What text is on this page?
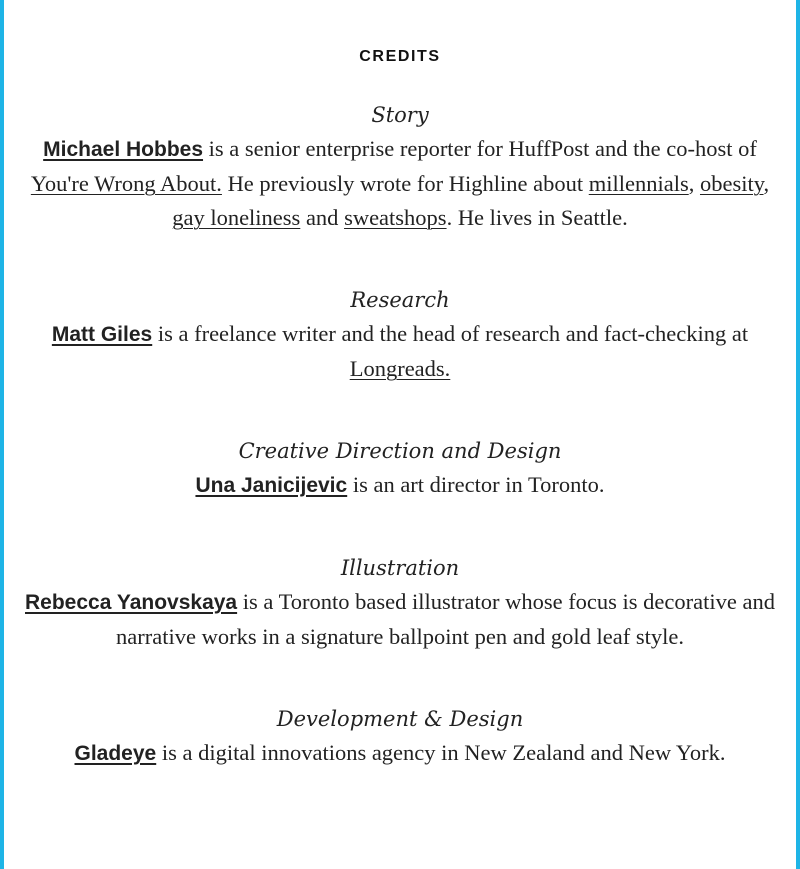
CREDITS

Story

Michael Hobbes is a senior enterprise reporter for HuffPost and the co-host of You're Wrong About. He previously wrote for Highline about millennials, obesity, gay loneliness and sweatshops. He lives in Seattle.

Research

Matt Giles is a freelance writer and the head of research and fact-checking at Longreads.

Creative Direction and Design

Una Janicijevic is an art director in Toronto.

Illustration

Rebecca Yanovskaya is a Toronto based illustrator whose focus is decorative and narrative works in a signature ballpoint pen and gold leaf style.

Development & Design

Gladeye is a digital innovations agency in New Zealand and New York.
